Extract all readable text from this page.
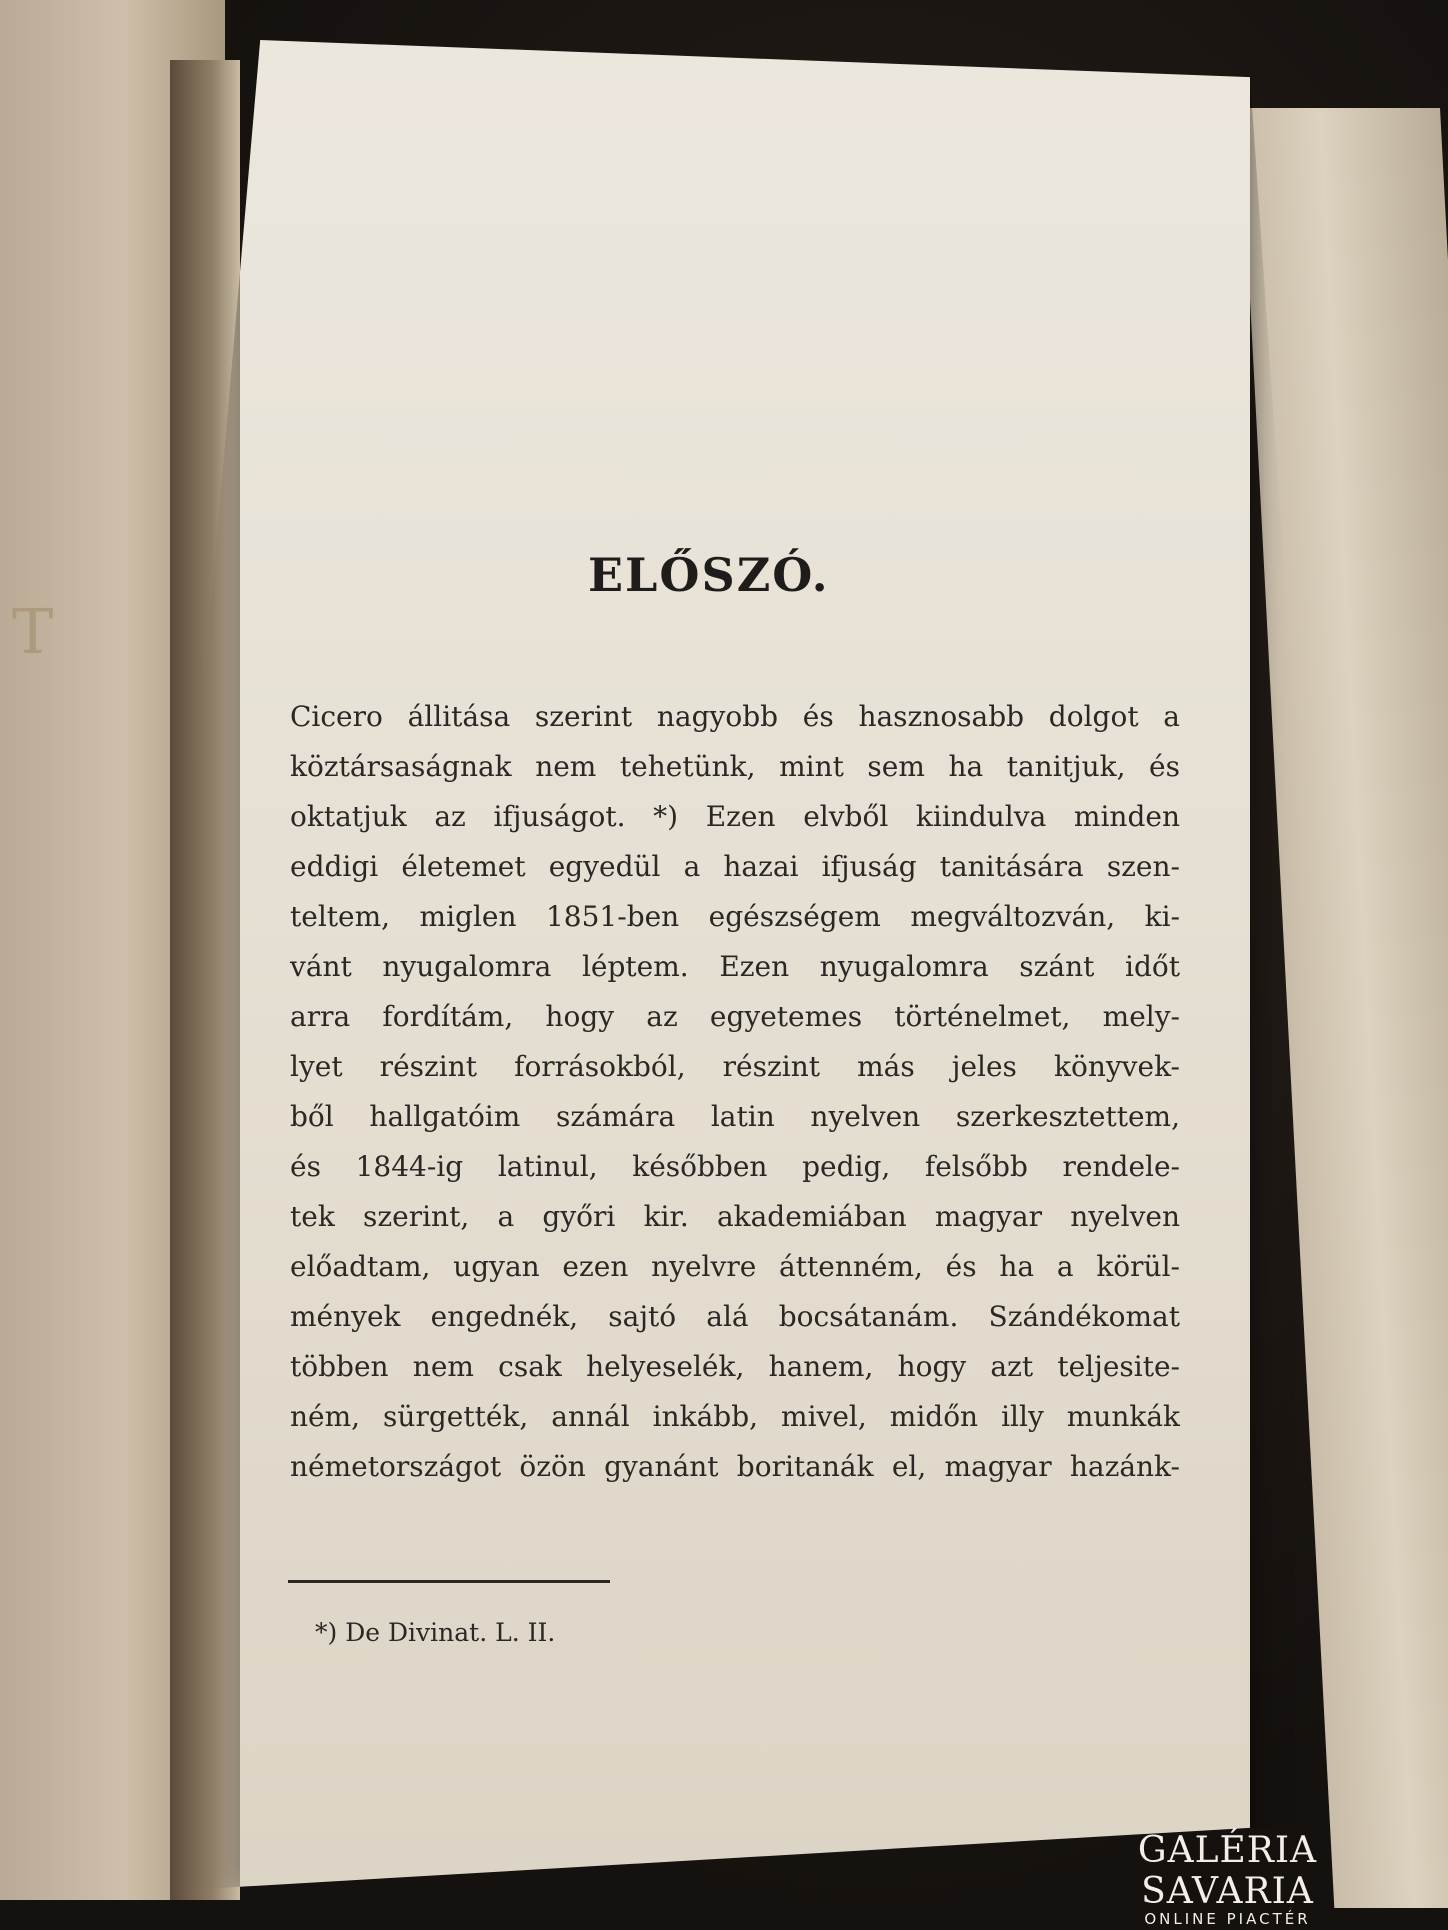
T
ELŐSZÓ.
Cicero állitása szerint nagyobb és hasznosabb dolgot a
köztársaságnak nem tehetünk, mint sem ha tanitjuk, és
oktatjuk az ifjuságot. *) Ezen elvből kiindulva minden
eddigi életemet egyedül a hazai ifjuság tanitására szen-
teltem, miglen 1851-ben egészségem megváltozván, ki-
vánt nyugalomra léptem. Ezen nyugalomra szánt időt
arra fordítám, hogy az egyetemes történelmet, mely-
lyet részint forrásokból, részint más jeles könyvek-
ből hallgatóim számára latin nyelven szerkesztettem,
és 1844-ig latinul, későbben pedig, felsőbb rendele-
tek szerint, a győri kir. akademiában magyar nyelven
előadtam, ugyan ezen nyelvre áttenném, és ha a körül-
mények engednék, sajtó alá bocsátanám. Szándékomat
többen nem csak helyeselék, hanem, hogy azt teljesite-
ném, sürgették, annál inkább, mivel, midőn illy munkák
németországot özön gyanánt boritanák el, magyar hazánk-
*) De Divinat. L. II.
GALÉRIA SAVARIA
ONLINE PIACTÉR
